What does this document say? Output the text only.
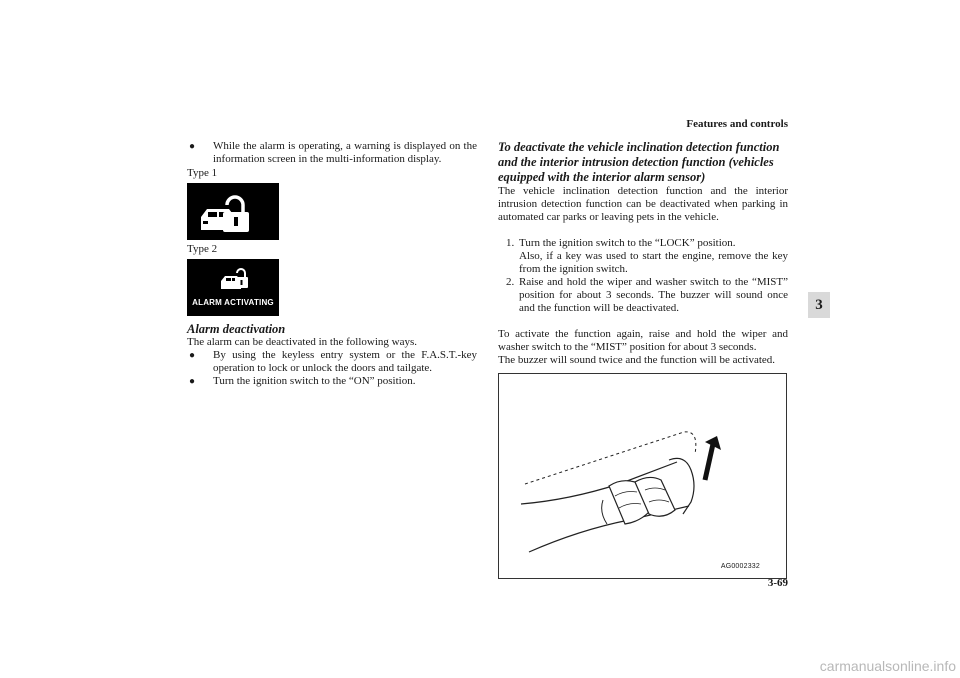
Features and controls
●	While the alarm is operating, a warning is displayed on the information screen in the multi-information display.
Type 1
Type 2
ALARM ACTIVATING
Alarm deactivation
The alarm can be deactivated in the following ways.
●	By using the keyless entry system or the F.A.S.T.-key operation to lock or unlock the doors and tailgate.
●	Turn the ignition switch to the “ON” position.
To deactivate the vehicle inclination detection function and the interior intrusion detection function (vehicles equipped with the interior alarm sensor)
The vehicle inclination detection function and the interior intrusion detection function can be deactivated when parking in automated car parks or leaving pets in the vehicle.
1. Turn the ignition switch to the “LOCK” position.
Also, if a key was used to start the engine, remove the key from the ignition switch.
2. Raise and hold the wiper and washer switch to the “MIST” position for about 3 seconds. The buzzer will sound once and the function will be deactivated.
To activate the function again, raise and hold the wiper and washer switch to the “MIST” position for about 3 seconds.
The buzzer will sound twice and the function will be activated.
AG0002332
3
3-69
carmanualsonline.info
